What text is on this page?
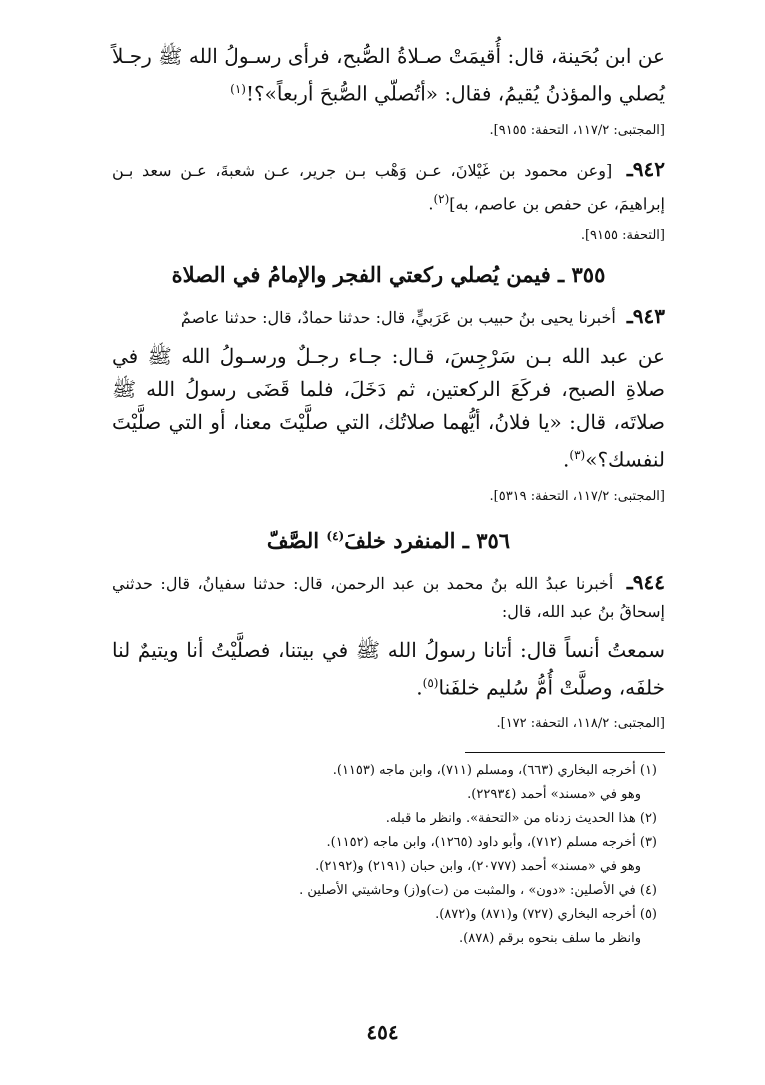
عن ابن بُحَينة، قال: أُقيمَتْ صـلاةُ الصُّبح، فرأى رسـولُ الله ﷺ رجـلاً يُصلي والمؤذنُ يُقيمُ، فقال: «أتُصلّي الصُّبحَ أربعاً»؟!$^{(١)}$

[المجتبى: ١١٧/٢، التحفة: ٩١٥٥].

٩٤٢ـ [وعن محمود بن غَيْلانَ، عـن وَهْب بـن جرير، عـن شعبةَ، عـن سعد بـن إبراهيمَ، عن حفص بن عاصم، به]$^{(٢)}$.

[التحفة: ٩١٥٥].
٣٥٥ ـ فيمن يُصلي ركعتي الفجر والإمامُ في الصلاة

٩٤٣ـ أخبرنا يحيى بنُ حبيب بن عَرَبيٍّ، قال: حدثنا حمادٌ، قال: حدثنا عاصمٌ

عن عبد الله بـن سَرْجِسَ، قـال: جـاء رجـلٌ ورسـولُ الله ﷺ في صلاةِ الصبح، فركَعَ الركعتين، ثم دَخَلَ، فلما قَضَى رسولُ الله ﷺ صلاتَه، قال: «يا فلانُ، أيُّهما صلاتُك، التي صلَّيْتَ معنا، أو التي صلَّيْتَ لنفسك؟»$^{(٣)}$.

[المجتبى: ١١٧/٢، التحفة: ٥٣١٩].
٣٥٦ ـ المنفرد خلفَ$^{(٤)}$ الصَّفّ

٩٤٤ـ أخبرنا عبدُ الله بنُ محمد بن عبد الرحمن، قال: حدثنا سفيانُ، قال: حدثني إسحاقُ بنُ عبد الله، قال:

سمعتُ أنساً قال: أتانا رسولُ الله ﷺ في بيتنا، فصلَّيْتُ أنا ويتيمٌ لنا خلفَه، وصلَّتْ أُمُّ سُليم خلفَنا$^{(٥)}$.

[المجتبى: ١١٨/٢، التحفة: ١٧٢].
(١) أخرجه البخاري (٦٦٣)، ومسلم (٧١١)، وابن ماجه (١١٥٣).
وهو في «مسند» أحمد (٢٢٩٣٤).
(٢) هذا الحديث زدناه من «التحفة». وانظر ما قبله.
(٣) أخرجه مسلم (٧١٢)، وأبو داود (١٢٦٥)، وابن ماجه (١١٥٢).
وهو في «مسند» أحمد (٢٠٧٧٧)، وابن حبان (٢١٩١) و(٢١٩٢).
(٤) في الأصلين: «دون» ، والمثبت من (ت)و(ز) وحاشيتي الأصلين .
(٥) أخرجه البخاري (٧٢٧) و(٨٧١) و(٨٧٢).
وانظر ما سلف بنحوه برقم (٨٧٨).
٤٥٤
